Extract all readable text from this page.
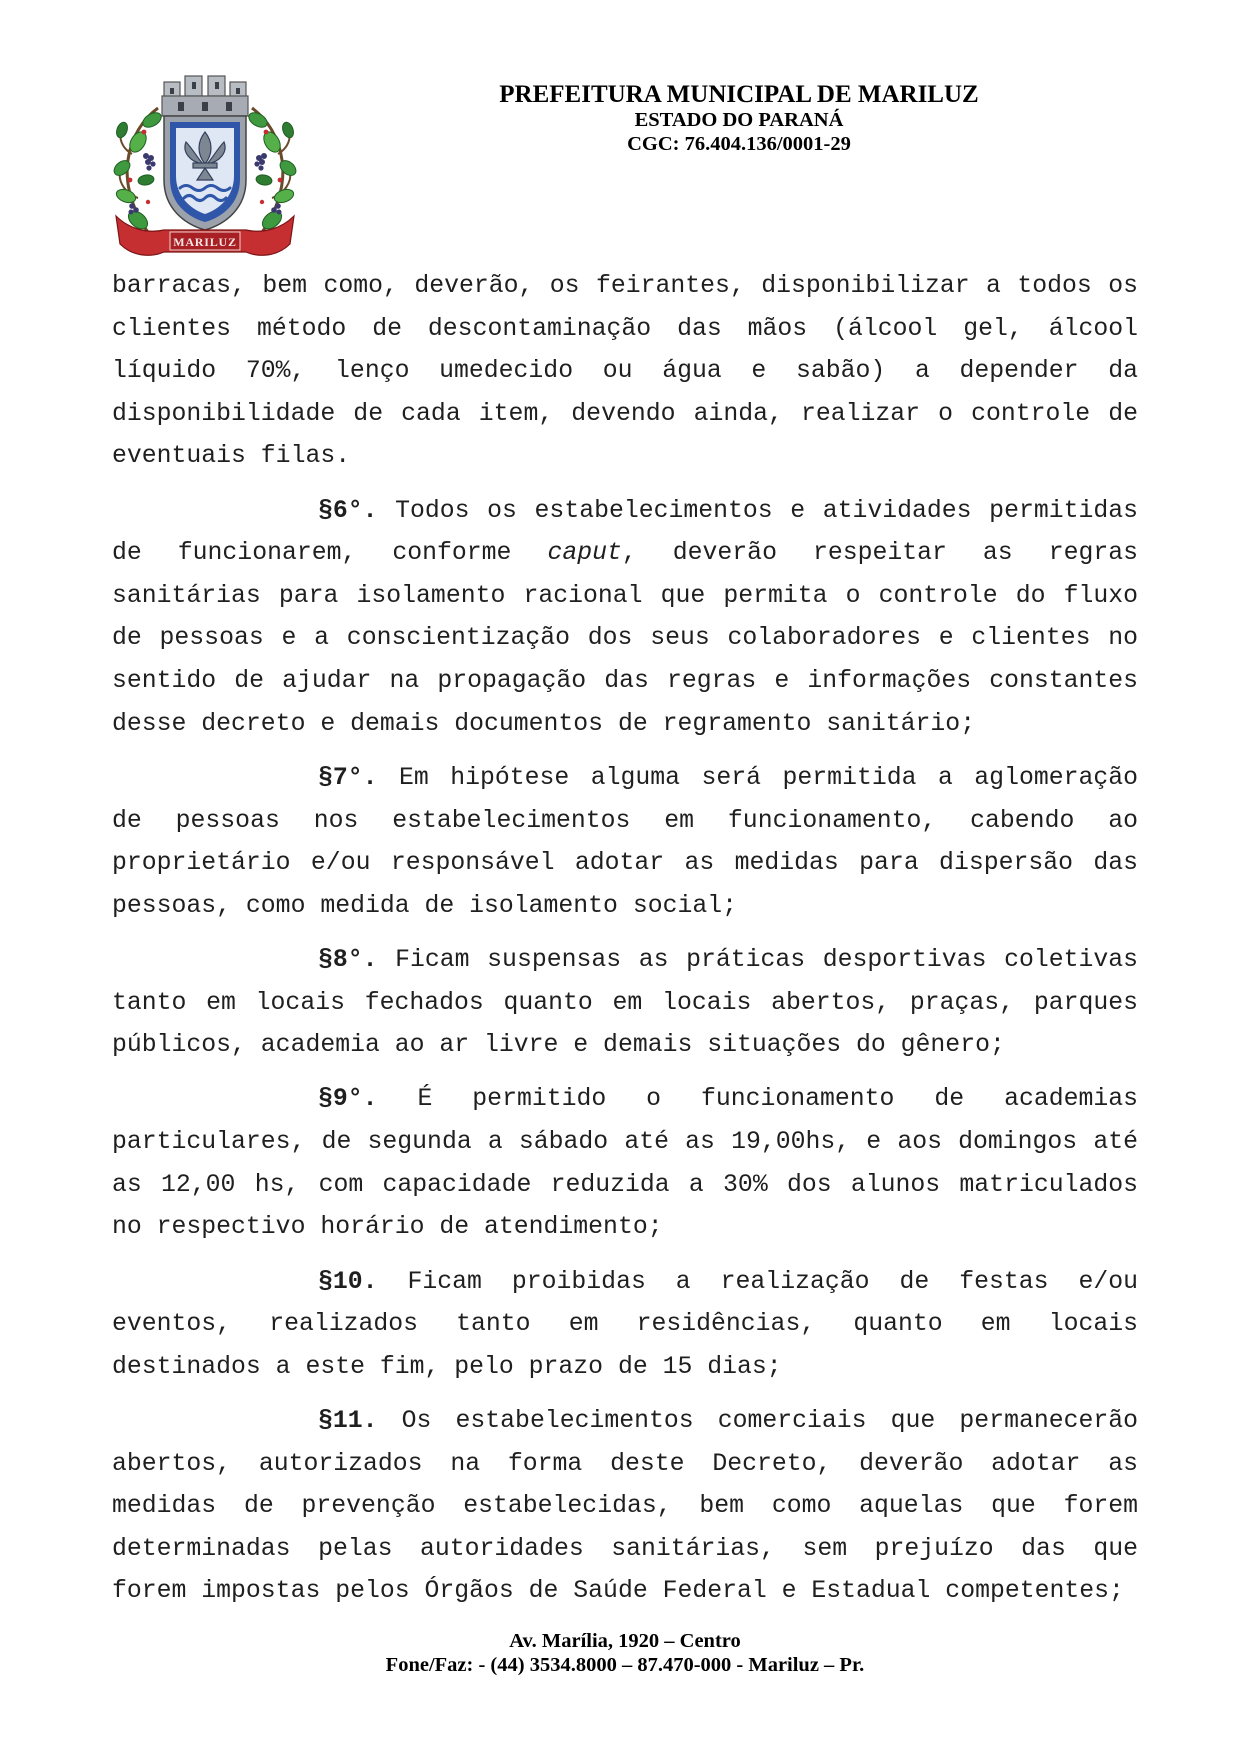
MARILUZ
PREFEITURA MUNICIPAL DE MARILUZ
ESTADO DO PARANÁ
CGC: 76.404.136/0001-29
barracas, bem como, deverão, os feirantes, disponibilizar a todos os
clientes método de descontaminação das mãos (álcool gel, álcool
líquido 70%, lenço umedecido ou água e sabão) a depender da
disponibilidade de cada item, devendo ainda, realizar o controle de
eventuais filas.
§6°. Todos os estabelecimentos e atividades permitidas
de funcionarem, conforme caput, deverão respeitar as regras
sanitárias para isolamento racional que permita o controle do fluxo
de pessoas e a conscientização dos seus colaboradores e clientes no
sentido de ajudar na propagação das regras e informações constantes
desse decreto e demais documentos de regramento sanitário;
§7°. Em hipótese alguma será permitida a aglomeração
de pessoas nos estabelecimentos em funcionamento, cabendo ao
proprietário e/ou responsável adotar as medidas para dispersão das
pessoas, como medida de isolamento social;
§8°. Ficam suspensas as práticas desportivas coletivas
tanto em locais fechados quanto em locais abertos, praças, parques
públicos, academia ao ar livre e demais situações do gênero;
§9°. É permitido o funcionamento de academias
particulares, de segunda a sábado até as 19,00hs, e aos domingos até
as 12,00 hs, com capacidade reduzida a 30% dos alunos matriculados
no respectivo horário de atendimento;
§10. Ficam proibidas a realização de festas e/ou
eventos, realizados tanto em residências, quanto em locais
destinados a este fim, pelo prazo de 15 dias;
§11. Os estabelecimentos comerciais que permanecerão
abertos, autorizados na forma deste Decreto, deverão adotar as
medidas de prevenção estabelecidas, bem como aquelas que forem
determinadas pelas autoridades sanitárias, sem prejuízo das que
forem impostas pelos Órgãos de Saúde Federal e Estadual competentes;
Av. Marília, 1920 – Centro
Fone/Faz: - (44) 3534.8000 – 87.470-000 - Mariluz – Pr.
